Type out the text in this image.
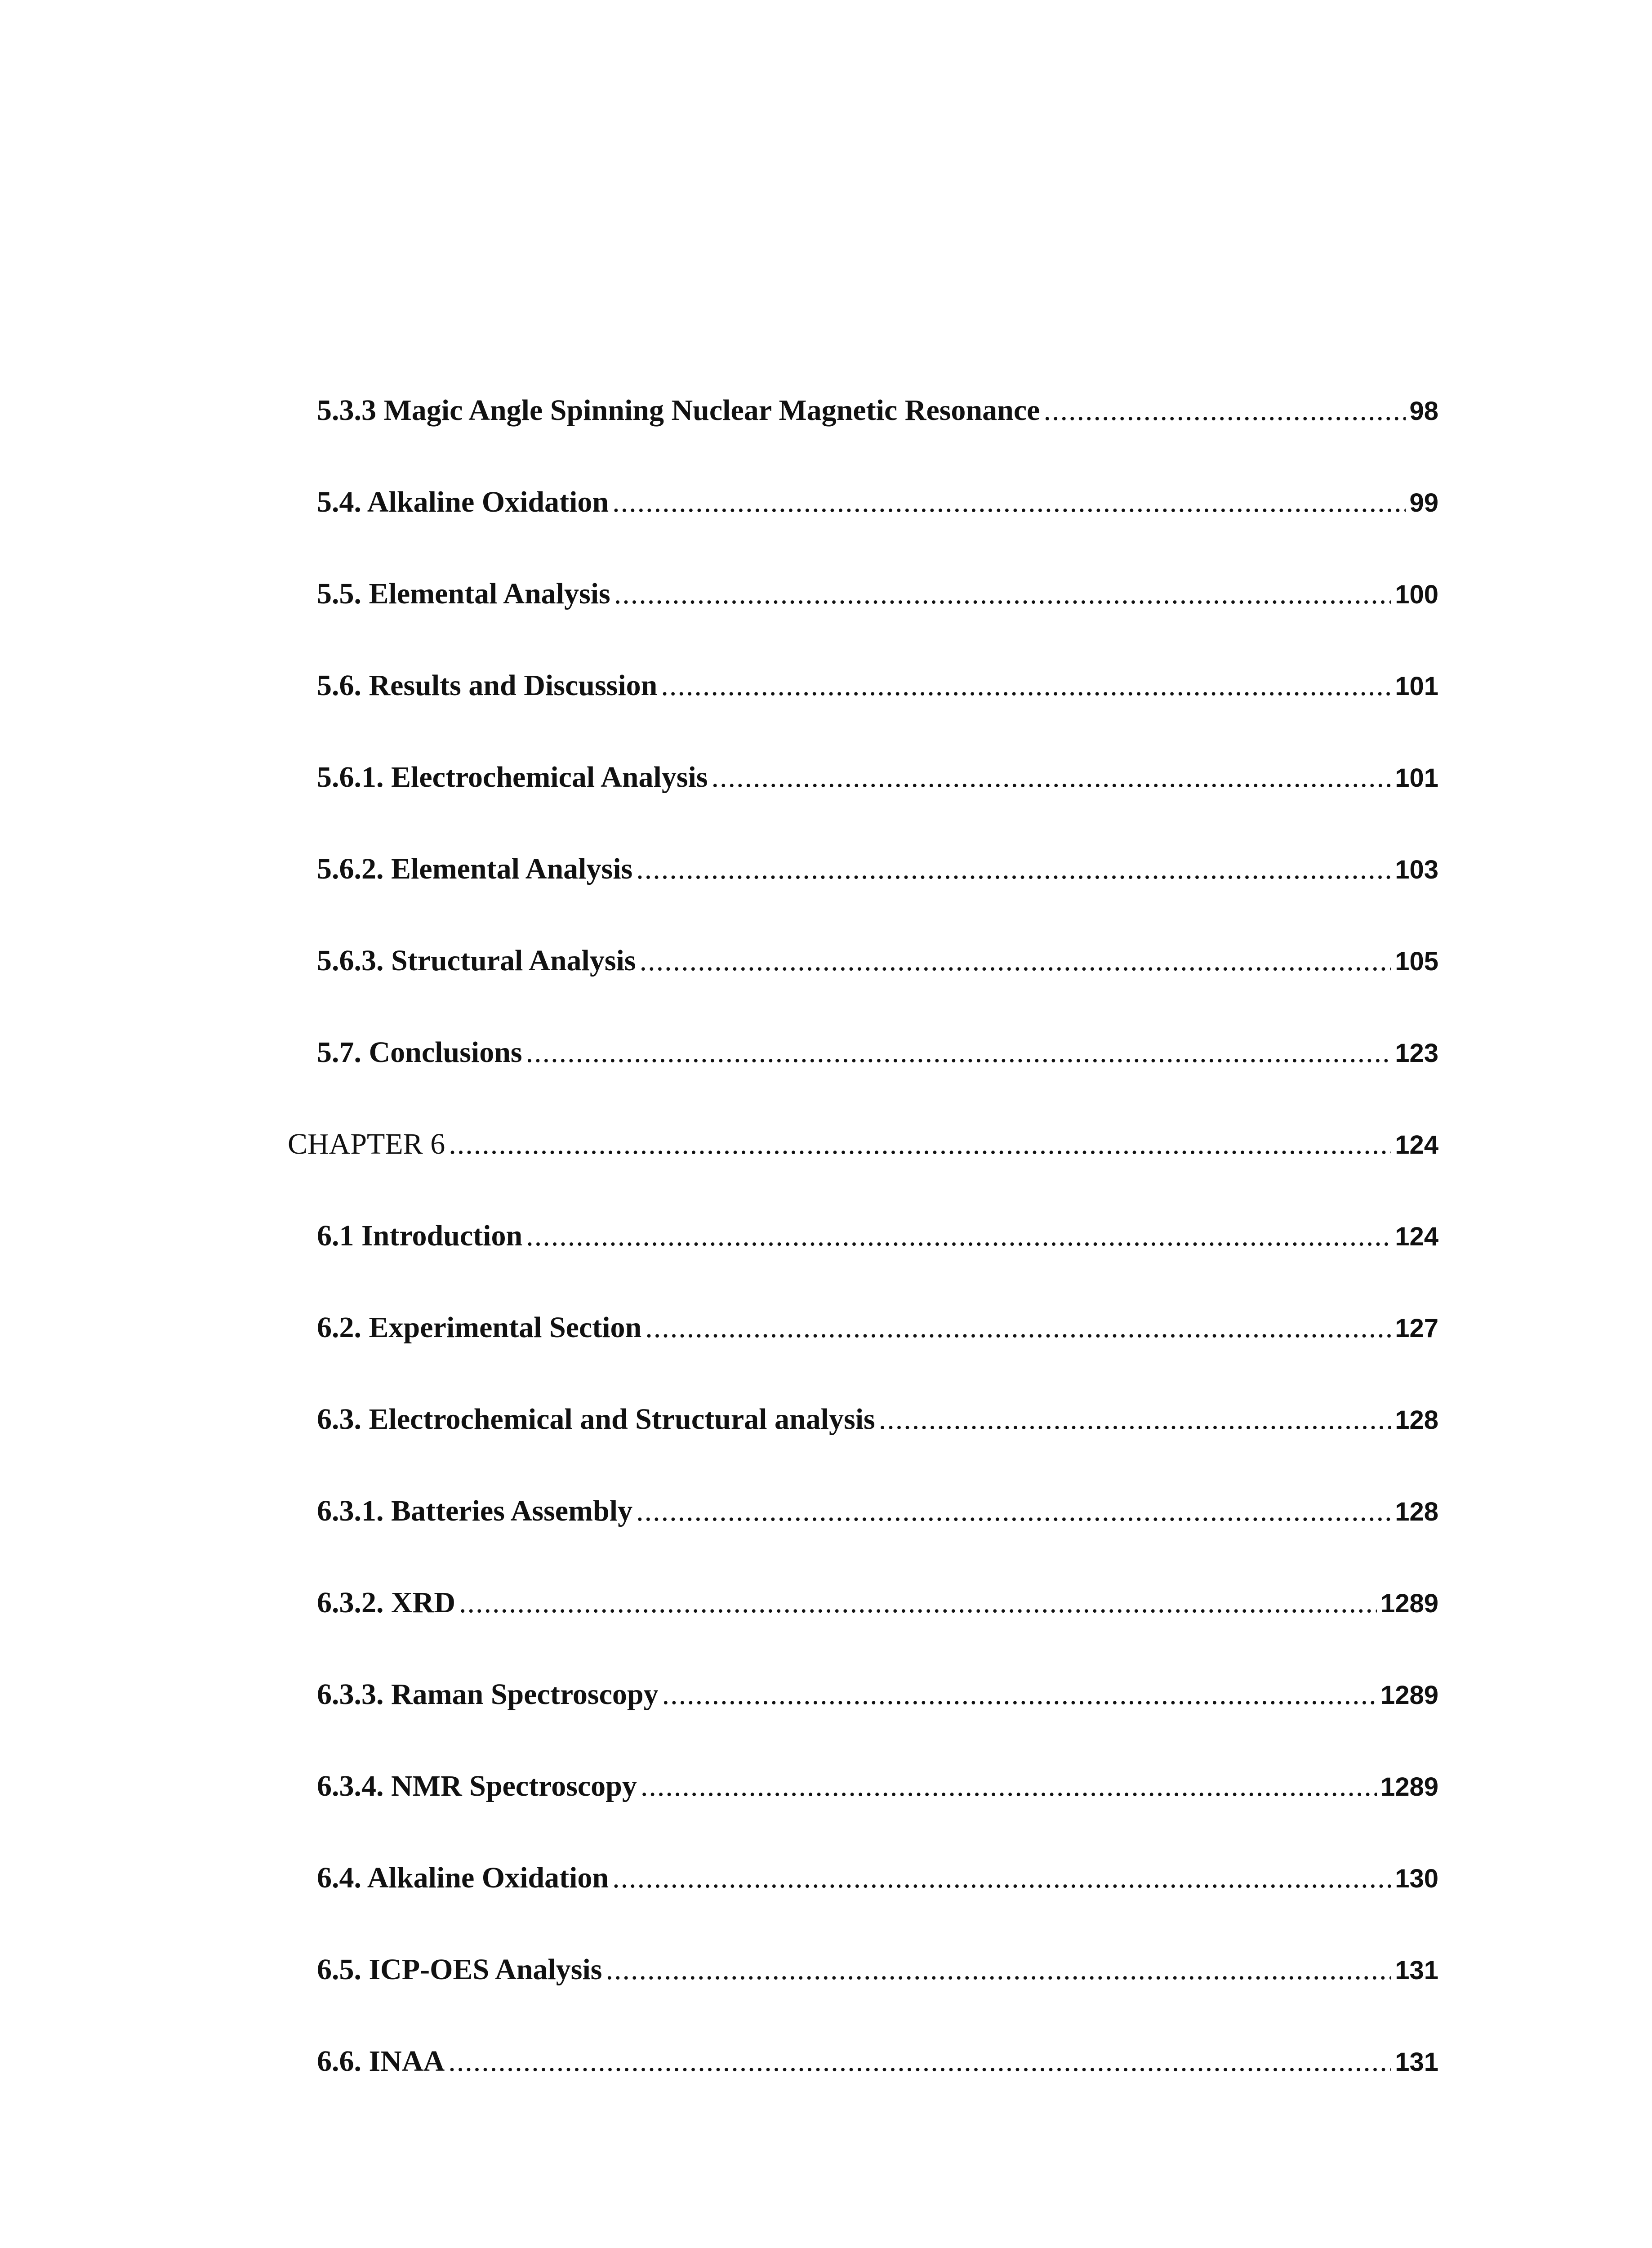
5.3.3 Magic Angle Spinning Nuclear Magnetic Resonance .....	98
5.4. Alkaline Oxidation .....	99
5.5. Elemental Analysis .....	100
5.6. Results and Discussion .....	101
5.6.1. Electrochemical Analysis .....	101
5.6.2. Elemental Analysis .....	103
5.6.3. Structural Analysis .....	105
5.7. Conclusions .....	123
CHAPTER 6 .....	124
6.1 Introduction .....	124
6.2. Experimental Section .....	127
6.3. Electrochemical and Structural analysis .....	128
6.3.1. Batteries Assembly .....	128
6.3.2. XRD .....	1289
6.3.3. Raman Spectroscopy .....	1289
6.3.4. NMR Spectroscopy .....	1289
6.4. Alkaline Oxidation .....	130
6.5. ICP-OES Analysis .....	131
6.6. INAA .....	131
